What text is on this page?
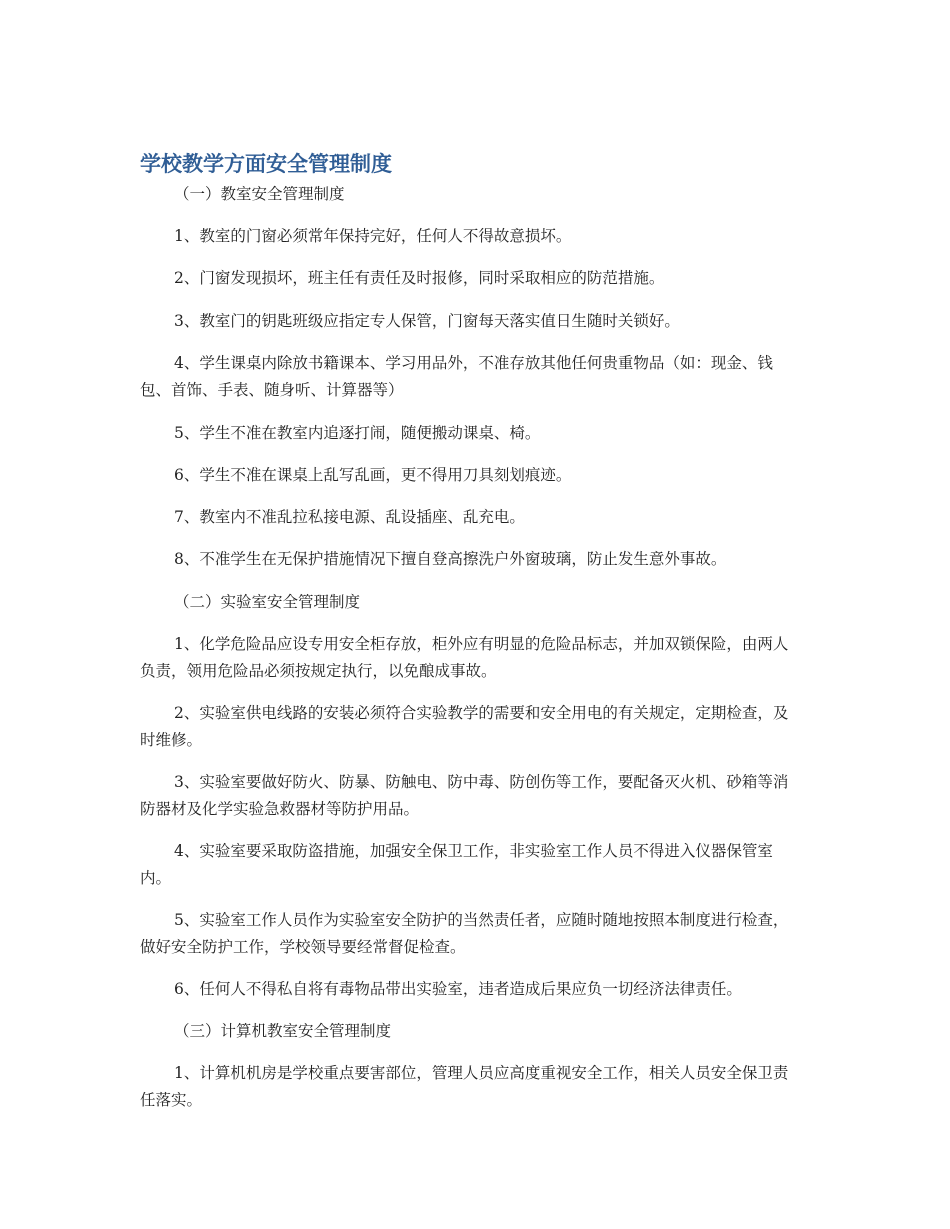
学校教学方面安全管理制度

（一）教室安全管理制度

1、教室的门窗必须常年保持完好，任何人不得故意损坏。

2、门窗发现损坏，班主任有责任及时报修，同时采取相应的防范措施。

3、教室门的钥匙班级应指定专人保管，门窗每天落实值日生随时关锁好。

4、学生课桌内除放书籍课本、学习用品外，不准存放其他任何贵重物品（如：现金、钱包、首饰、手表、随身听、计算器等）

5、学生不准在教室内追逐打闹，随便搬动课桌、椅。

6、学生不准在课桌上乱写乱画，更不得用刀具刻划痕迹。

7、教室内不准乱拉私接电源、乱设插座、乱充电。

8、不准学生在无保护措施情况下擅自登高擦洗户外窗玻璃，防止发生意外事故。

（二）实验室安全管理制度

1、化学危险品应设专用安全柜存放，柜外应有明显的危险品标志，并加双锁保险，由两人负责，领用危险品必须按规定执行，以免酿成事故。

2、实验室供电线路的安装必须符合实验教学的需要和安全用电的有关规定，定期检查，及时维修。

3、实验室要做好防火、防暴、防触电、防中毒、防创伤等工作，要配备灭火机、砂箱等消防器材及化学实验急救器材等防护用品。

4、实验室要采取防盗措施，加强安全保卫工作，非实验室工作人员不得进入仪器保管室内。

5、实验室工作人员作为实验室安全防护的当然责任者，应随时随地按照本制度进行检查，做好安全防护工作，学校领导要经常督促检查。

6、任何人不得私自将有毒物品带出实验室，违者造成后果应负一切经济法律责任。

（三）计算机教室安全管理制度

1、计算机机房是学校重点要害部位，管理人员应高度重视安全工作，相关人员安全保卫责任落实。
